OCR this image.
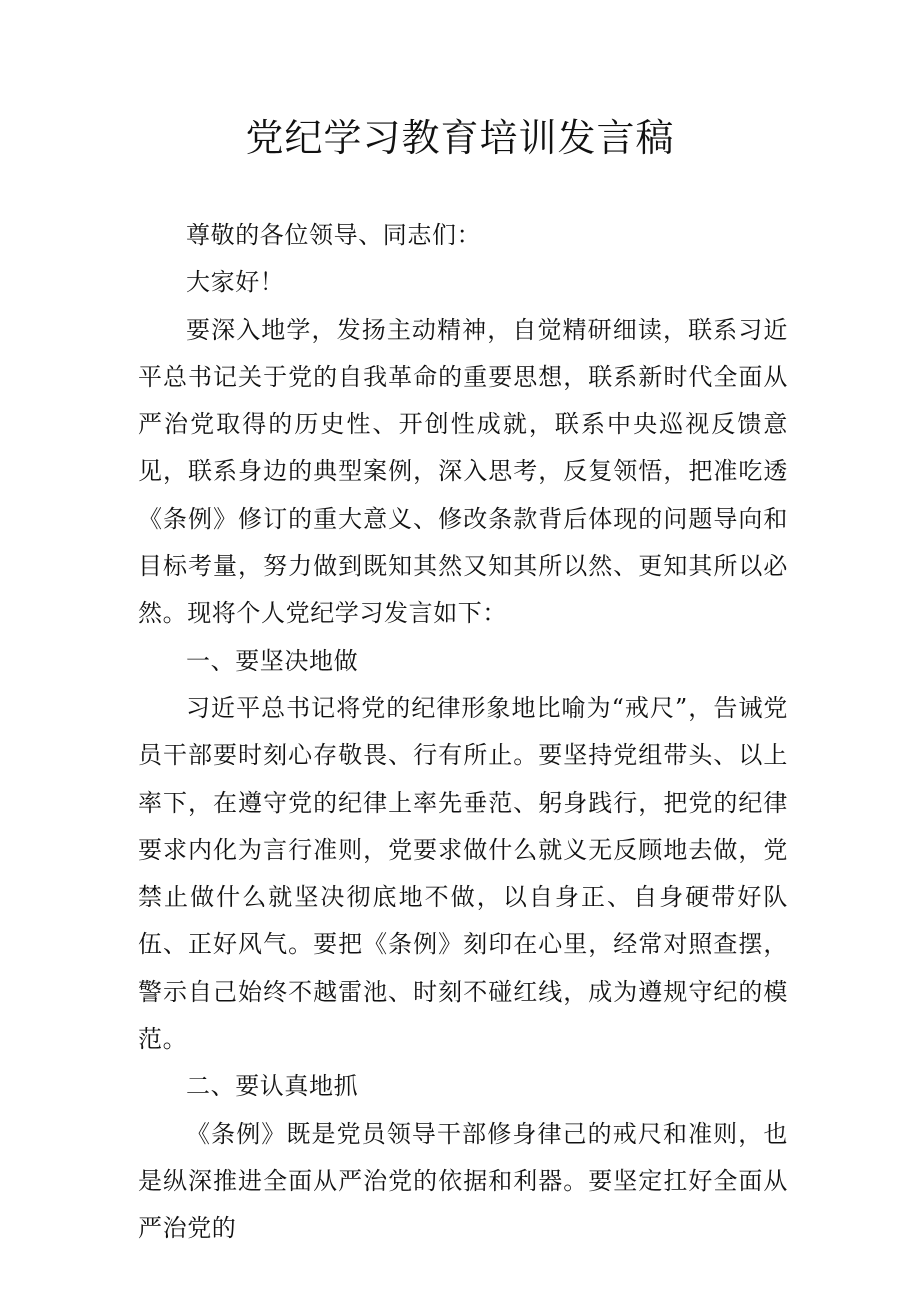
党纪学习教育培训发言稿

尊敬的各位领导、同志们：

大家好！

要深入地学，发扬主动精神，自觉精研细读，联系习近平总书记关于党的自我革命的重要思想，联系新时代全面从严治党取得的历史性、开创性成就，联系中央巡视反馈意见，联系身边的典型案例，深入思考，反复领悟，把准吃透《条例》修订的重大意义、修改条款背后体现的问题导向和目标考量，努力做到既知其然又知其所以然、更知其所以必然。现将个人党纪学习发言如下：

一、要坚决地做

习近平总书记将党的纪律形象地比喻为“戒尺”，告诫党员干部要时刻心存敬畏、行有所止。要坚持党组带头、以上率下，在遵守党的纪律上率先垂范、躬身践行，把党的纪律要求内化为言行准则，党要求做什么就义无反顾地去做，党禁止做什么就坚决彻底地不做，以自身正、自身硬带好队伍、正好风气。要把《条例》刻印在心里，经常对照查摆，警示自己始终不越雷池、时刻不碰红线，成为遵规守纪的模范。

二、要认真地抓

《条例》既是党员领导干部修身律己的戒尺和准则，也是纵深推进全面从严治党的依据和利器。要坚定扛好全面从严治党的
